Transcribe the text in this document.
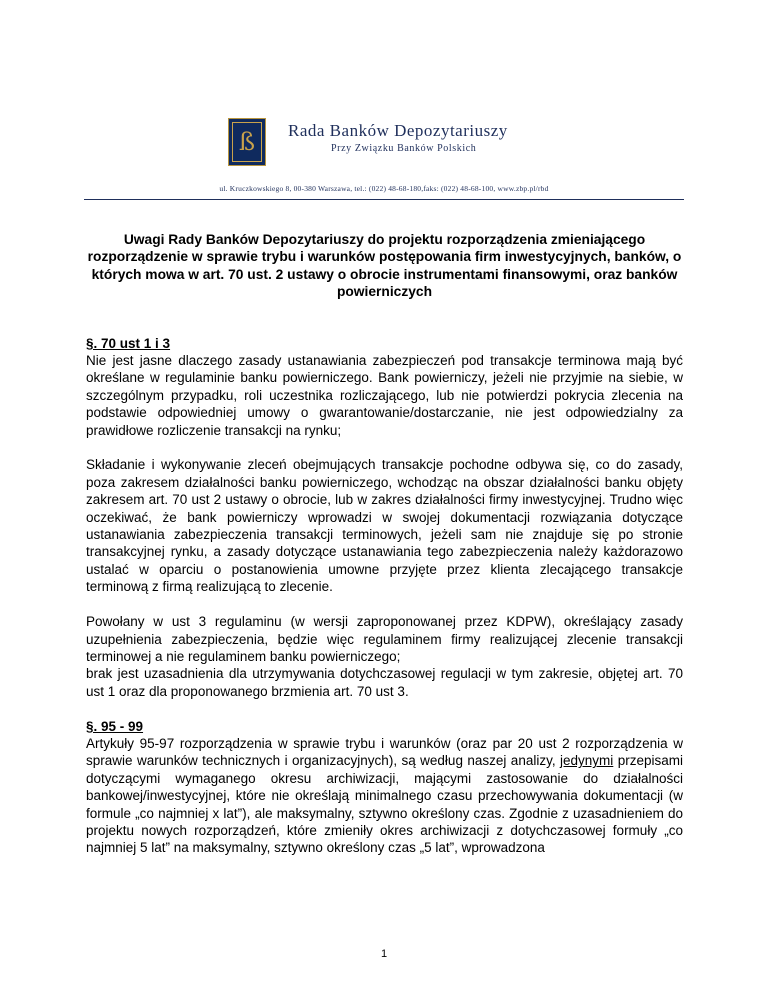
ß Rada Banków Depozytariuszy
Przy Związku Banków Polskich
ul. Kruczkowskiego 8, 00-380 Warszawa, tel.: (022) 48-68-180,faks: (022) 48-68-100, www.zbp.pl/rbd
Uwagi Rady Banków Depozytariuszy do projektu rozporządzenia zmieniającego rozporządzenie w sprawie trybu i warunków postępowania firm inwestycyjnych, banków, o których mowa w art. 70 ust. 2 ustawy o obrocie instrumentami finansowymi, oraz banków powierniczych
§. 70 ust 1 i 3

Nie jest jasne dlaczego zasady ustanawiania zabezpieczeń pod transakcje terminowa mają być określane w regulaminie banku powierniczego. Bank powierniczy, jeżeli nie przyjmie na siebie, w szczególnym przypadku, roli uczestnika rozliczającego, lub nie potwierdzi pokrycia zlecenia na podstawie odpowiedniej umowy o gwarantowanie/dostarczanie, nie jest odpowiedzialny za prawidłowe rozliczenie transakcji na rynku;

Składanie i wykonywanie zleceń obejmujących transakcje pochodne odbywa się, co do zasady, poza zakresem działalności banku powierniczego, wchodząc na obszar działalności banku objęty zakresem art. 70 ust 2 ustawy o obrocie, lub w zakres działalności firmy inwestycyjnej. Trudno więc oczekiwać, że bank powierniczy wprowadzi w swojej dokumentacji rozwiązania dotyczące ustanawiania zabezpieczenia transakcji terminowych, jeżeli sam nie znajduje się po stronie transakcyjnej rynku, a zasady dotyczące ustanawiania tego zabezpieczenia należy każdorazowo ustalać w oparciu o postanowienia umowne przyjęte przez klienta zlecającego transakcje terminową z firmą realizującą to zlecenie.

Powołany w ust 3 regulaminu (w wersji zaproponowanej przez KDPW), określający zasady uzupełnienia zabezpieczenia, będzie więc regulaminem firmy realizującej zlecenie transakcji terminowej a nie regulaminem banku powierniczego;

brak jest uzasadnienia dla utrzymywania dotychczasowej regulacji w tym zakresie, objętej art. 70 ust 1 oraz dla proponowanego brzmienia art. 70 ust 3.

§. 95 - 99

Artykuły 95-97 rozporządzenia w sprawie trybu i warunków (oraz par 20 ust 2 rozporządzenia w sprawie warunków technicznych i organizacyjnych), są według naszej analizy, jedynymi przepisami dotyczącymi wymaganego okresu archiwizacji, mającymi zastosowanie do działalności bankowej/inwestycyjnej, które nie określają minimalnego czasu przechowywania dokumentacji (w formule „co najmniej x lat”), ale maksymalny, sztywno określony czas. Zgodnie z uzasadnieniem do projektu nowych rozporządzeń, które zmieniły okres archiwizacji z dotychczasowej formuły „co najmniej 5 lat” na maksymalny, sztywno określony czas „5 lat”, wprowadzona

1
